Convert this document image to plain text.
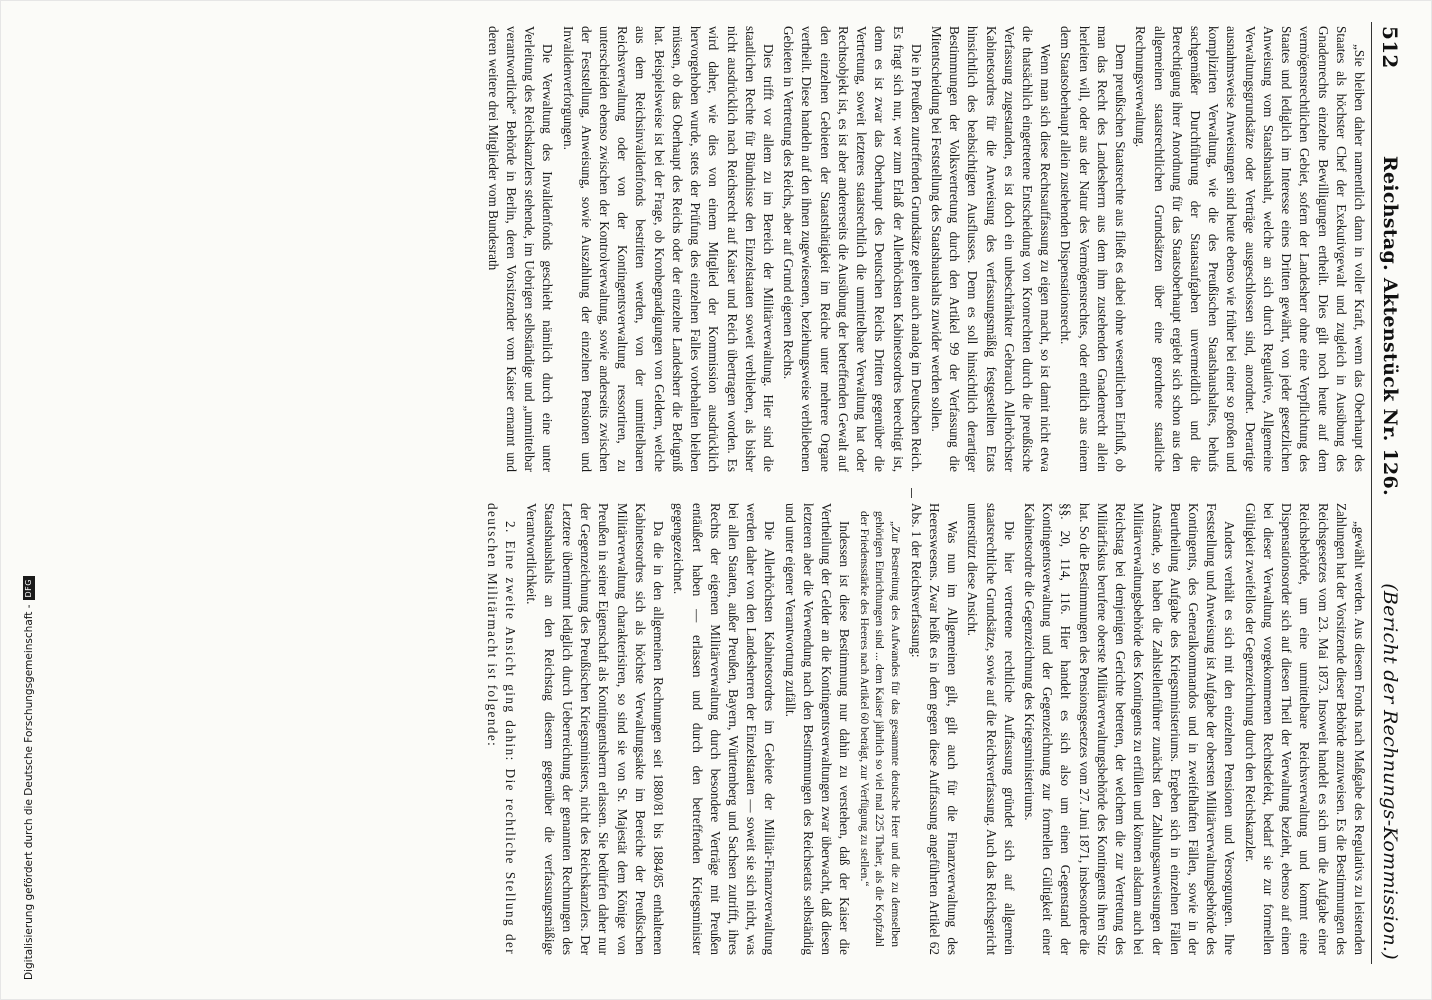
512
Reichstag. Aktenstück Nr. 126.
(Bericht der Rechnungs-Kommission.)

„Sie bleiben daher namentlich dann in voller Kraft, wenn das Oberhaupt des Staates als höchster Chef der Exekutivgewalt und zugleich in Ausübung des Gnadenrechts einzelne Bewilligungen ertheilt. Dies gilt noch heute auf dem vermögensrechtlichen Gebiet, sofern der Landesherr ohne eine Verpflichtung des Staates und lediglich im Interesse eines Dritten gewährt, von jeder gesetzlichen Anweisung vom Staatshaushalt, welche an sich durch Regulative, Allgemeine Verwaltungsgrundsätze oder Verträge ausgeschlossen sind, anordnet. Derartige ausnahmsweise Anweisungen sind heute ebenso wie früher bei einer so großen und komplizirten Verwaltung, wie die des Preußischen Staatshaushaltes, behufs sachgemäßer Durchführung der Staatsaufgaben unvermeidlich und die Berechtigung ihrer Anordnung für das Staatsoberhaupt ergiebt sich schon aus den allgemeinen staatsrechtlichen Grundsätzen über eine geordnete staatliche Rechnungsverwaltung.

Dem preußischen Staatsrechte aus fließt es dabei ohne wesentlichen Einfluß, ob man das Recht des Landesherrn aus dem ihm zustehenden Gnadenrecht allein herleiten will, oder aus der Natur des Vermögensrechtes, oder endlich aus einem dem Staatsoberhaupt allein zustehenden Dispensationsrecht.

Wenn man sich diese Rechtsauffassung zu eigen macht, so ist damit nicht etwa die thatsächlich eingetretene Entscheidung von Kronrechten durch die preußische Verfassung zugestanden, es ist doch ein unbeschränkter Gebrauch Allerhöchster Kabinetsordres für die Anweisung des verfassungsmäßig festgestellten Etats hinsichtlich des beabsichtigten Ausflusses. Denn es soll hinsichtlich derartiger Bestimmungen der Volksvertretung durch den Artikel 99 der Verfassung die Mitentscheidung bei Feststellung des Staatshaushalts zuwider werden sollen.

Die in Preußen zutreffenden Grundsätze gelten auch analog im Deutschen Reich. Es fragt sich nur, wer zum Erlaß der Allerhöchsten Kabinetsordres berechtigt ist, denn es ist zwar das Oberhaupt des Deutschen Reichs Dritten gegenüber die Vertretung, soweit letzteres staatsrechtlich die unmittelbare Verwaltung hat oder Rechtsobjekt ist, es ist aber andererseits die Ausübung der betreffenden Gewalt auf den einzelnen Gebieten der Staatsthätigkeit im Reiche unter mehrere Organe vertheilt. Diese handeln auf den ihnen zugewiesenen, beziehungsweise verbliebenen Gebieten in Vertretung des Reichs, aber auf Grund eigenen Rechts.

Dies trifft vor allem zu im Bereich der Militärverwaltung. Hier sind die staatlichen Rechte für Bündnisse den Einzelstaaten soweit verblieben, als bisher nicht ausdrücklich nach Reichsrecht auf Kaiser und Reich übertragen worden. Es wird daher, wie dies von einem Mitglied der Kommission ausdrücklich hervorgehoben wurde, stets der Prüfung des einzelnen Falles vorbehalten bleiben müssen, ob das Oberhaupt des Reichs oder der einzelne Landesherr die Befugniß hat. Beispielsweise ist bei der Frage, ob Kronbegnadigungen von Geldern, welche aus dem Reichsinvalidenfonds bestritten werden, von der unmittelbaren Reichsverwaltung oder von der Kontingentsverwaltung ressortiren, zu unterscheiden ebenso zwischen der Kontrolverwaltung, sowie anderseits zwischen der Feststellung, Anweisung, sowie Auszahlung der einzelnen Pensionen und Invalidenverforgungen.

Die Verwaltung des Invalidenfonds geschieht nämlich durch eine unter Verleitung des Reichskanzlers stehende, im Uebrigen selbständige und „unmittelbar verantwortliche“ Behörde in Berlin, deren Vorsitzender vom Kaiser ernannt und deren weitere drei Mitglieder vom Bundesrath

„gewählt werden. Aus diesem Fonds nach Maßgabe des Regulativs zu leistenden Zahlungen hat der Vorsitzende dieser Behörde anzuweisen. Es die Bestimmungen des Reichsgesetzes vom 23. Mai 1873. Insoweit handelt es sich um die Aufgabe einer Reichsbehörde, um eine unmittelbare Reichsverwaltung und kommt eine Dispensationsorder sich auf diesen Theil der Verwaltung bezieht, ebenso auf einen bei dieser Verwaltung vorgekommenen Rechtsdefekt, bedarf sie zur formellen Gültigkeit zweifellos der Gegenzeichnung durch den Reichskanzler.

Anders verhält es sich mit den einzelnen Pensionen und Versorgungen. Ihre Feststellung und Anweisung ist Aufgabe der obersten Militärverwaltungsbehörde des Kontingents, des Generalkommandos und in zweifelhaften Fällen, sowie in der Beurtheilung Aufgabe des Kriegsministeriums. Ergeben sich in einzelnen Fällen Anstände, so haben die Zahlstellenführer zunächst den Zahlungsanweisungen der Militärverwaltungsbehörde des Kontingents zu erfüllen und können alsdann auch bei Reichstag bei demjenigen Gerichte betreten, der welchem die zur Vertretung des Militärfiskus berufene oberste Militärverwaltungsbehörde des Kontingents ihren Sitz hat. So die Bestimmungen des Pensionsgesetzes vom 27. Juni 1871, insbesondere die §§. 20, 114, 116. Hier handelt es sich also um einen Gegenstand der Kontingentsverwaltung und der Gegenzeichnung zur formellen Gültigkeit einer Kabinetsordre die Gegenzeichnung des Kriegsministeriums.

Die hier vertretene rechtliche Auffassung gründet sich auf allgemein staatsrechtliche Grundsätze, sowie auf die Reichsverfassung. Auch das Reichsgericht unterstützt diese Ansicht.

Was nun im Allgemeinen gilt, gilt auch für die Finanzverwaltung des Heereswesens. Zwar heißt es in dem gegen diese Auffassung angeführten Artikel 62 Abs. 1 der Reichsverfassung:

„Zur Bestreitung des Aufwandes für das gesammte deutsche Heer und die zu demselben gehörigen Einrichtungen sind ... dem Kaiser jährlich so viel mal 225 Thaler, als die Kopfzahl der Friedensstärke des Heeres nach Artikel 60 beträgt, zur Verfügung zu stellen.“

Indessen ist diese Bestimmung nur dahin zu verstehen, daß der Kaiser die Vertheilung der Gelder an die Kontingentsverwaltungen zwar überwacht, daß diesen letzteren aber die Verwendung nach den Bestimmungen des Reichsetats selbständig und unter eigener Verantwortung zufällt.

Die Allerhöchsten Kabinetsordres im Gebiete der Militär-Finanzverwaltung werden daher von den Landesherren der Einzelstaaten — soweit sie sich nicht, was bei allen Staaten, außer Preußen, Bayern, Württemberg und Sachsen zutrifft, ihres Rechts der eigenen Militärverwaltung durch besondere Verträge mit Preußen entäußert haben — erlassen und durch den betreffenden Kriegsminister gegengezeichnet.

Da die in den allgemeinen Rechnungen seit 1880/81 bis 1884/85 enthaltenen Kabinetsordres sich als höchste Verwaltungsakte im Bereiche der Preußischen Militärverwaltung charakterisiren, so sind sie von Sr. Majestät dem Könige von Preußen in seiner Eigenschaft als Kontingentsherrn erlassen. Sie bedürfen daher nur der Gegenzeichnung des Preußischen Kriegsministers, nicht des Reichskanzlers. Der Letztere übernimmt lediglich durch Ueberreichung der genannten Rechnungen des Staatshaushalts an den Reichstag diesem gegenüber die verfassungsmäßige Verantwortlichkeit.

2. Eine zweite Ansicht ging dahin: Die rechtliche Stellung der deutschen Militärmacht ist folgende:

Digitalisierung gefördert durch die Deutsche Forschungsgemeinschaft -
DFG
